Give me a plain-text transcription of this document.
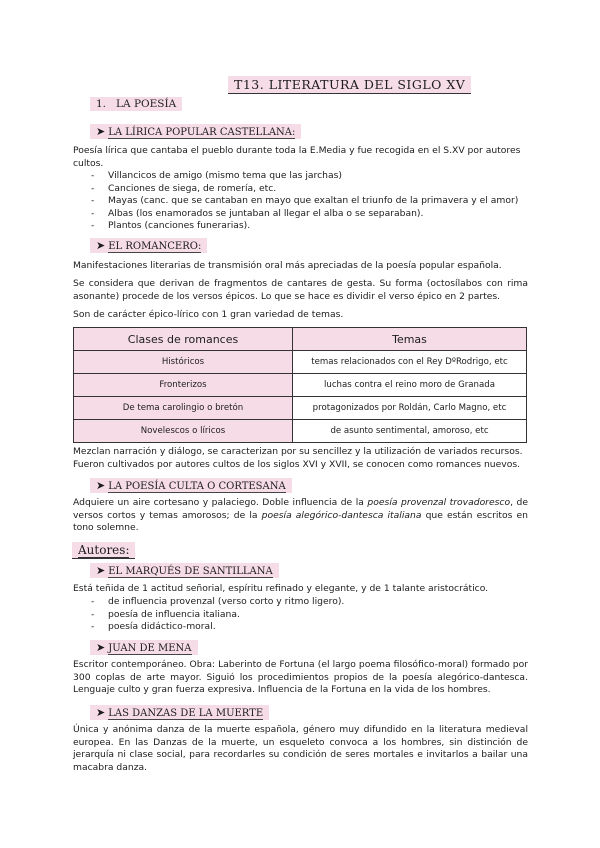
T13. LITERATURA DEL SIGLO XV
1. LA POESÍA
➤ LA LÍRICA POPULAR CASTELLANA:
Poesía lírica que cantaba el pueblo durante toda la E.Media y fue recogida en el S.XV por autores cultos.
- Villancicos de amigo (mismo tema que las jarchas)
- Canciones de siega, de romería, etc.
- Mayas (canc. que se cantaban en mayo que exaltan el triunfo de la primavera y el amor)
- Albas (los enamorados se juntaban al llegar el alba o se separaban).
- Plantos (canciones funerarias).
➤ EL ROMANCERO:
Manifestaciones literarias de transmisión oral más apreciadas de la poesía popular española.
Se considera que derivan de fragmentos de cantares de gesta. Su forma (octosílabos con rima asonante) procede de los versos épicos. Lo que se hace es dividir el verso épico en 2 partes.
Son de carácter épico-lírico con 1 gran variedad de temas.
Clases de romances	Temas
Históricos	temas relacionados con el Rey DºRodrigo, etc
Fronterizos	luchas contra el reino moro de Granada
De tema carolingio o bretón	protagonizados por Roldán, Carlo Magno, etc
Novelescos o líricos	de asunto sentimental, amoroso, etc
Mezclan narración y diálogo, se caracterizan por su sencillez y la utilización de variados recursos. Fueron cultivados por autores cultos de los siglos XVI y XVII, se conocen como romances nuevos.
➤ LA POESÍA CULTA O CORTESANA
Adquiere un aire cortesano y palaciego. Doble influencia de la poesía provenzal trovadoresco, de versos cortos y temas amorosos; de la poesía alegórico-dantesca italiana que están escritos en tono solemne.
Autores:
➤ EL MARQUÉS DE SANTILLANA
Está teñida de 1 actitud señorial, espíritu refinado y elegante, y de 1 talante aristocrático.
- de influencia provenzal (verso corto y ritmo ligero).
- poesía de influencia italiana.
- poesía didáctico-moral.
➤ JUAN DE MENA
Escritor contemporáneo. Obra: Laberinto de Fortuna (el largo poema filosófico-moral) formado por 300 coplas de arte mayor. Siguió los procedimientos propios de la poesía alegórico-dantesca. Lenguaje culto y gran fuerza expresiva. Influencia de la Fortuna en la vida de los hombres.
➤ LAS DANZAS DE LA MUERTE
Única y anónima danza de la muerte española, género muy difundido en la literatura medieval europea. En las Danzas de la muerte, un esqueleto convoca a los hombres, sin distinción de jerarquía ni clase social, para recordarles su condición de seres mortales e invitarlos a bailar una macabra danza.
